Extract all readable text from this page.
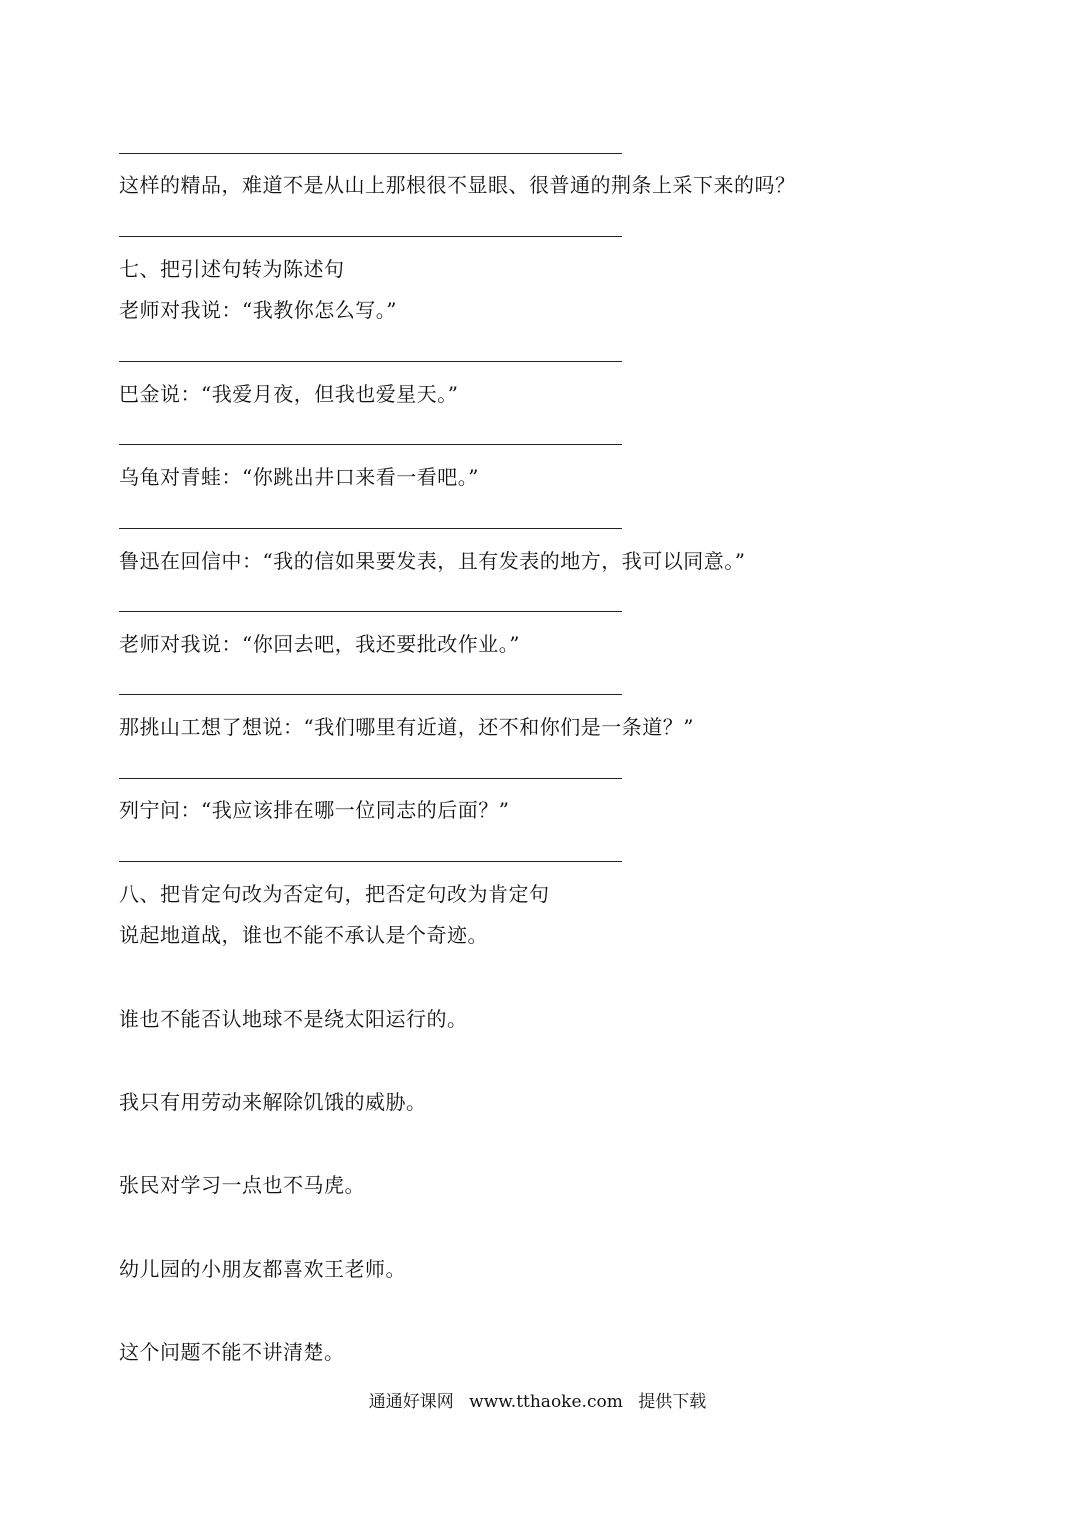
这样的精品，难道不是从山上那根很不显眼、很普通的荆条上采下来的吗？
七、把引述句转为陈述句
老师对我说：“我教你怎么写。”
巴金说：“我爱月夜，但我也爱星天。”
乌龟对青蛙：“你跳出井口来看一看吧。”
鲁迅在回信中：“我的信如果要发表，且有发表的地方，我可以同意。”
老师对我说：“你回去吧，我还要批改作业。”
那挑山工想了想说：“我们哪里有近道，还不和你们是一条道？”
列宁问：“我应该排在哪一位同志的后面？”
八、把肯定句改为否定句，把否定句改为肯定句
说起地道战，谁也不能不承认是个奇迹。
谁也不能否认地球不是绕太阳运行的。
我只有用劳动来解除饥饿的威胁。
张民对学习一点也不马虎。
幼儿园的小朋友都喜欢王老师。
这个问题不能不讲清楚。
通通好课网 www.tthaoke.com 提供下载
